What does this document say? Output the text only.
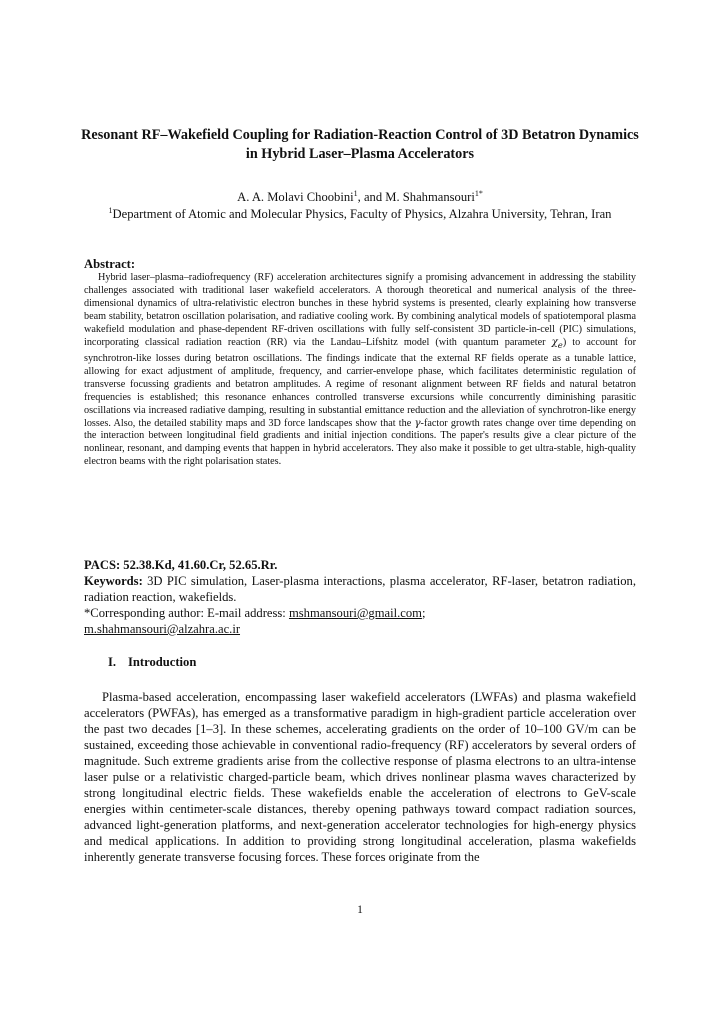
Resonant RF–Wakefield Coupling for Radiation-Reaction Control of 3D Betatron Dynamics in Hybrid Laser–Plasma Accelerators
A. A. Molavi Choobini$^1$, and M. Shahmansouri$^{1*}$
$^1$Department of Atomic and Molecular Physics, Faculty of Physics, Alzahra University, Tehran, Iran
Abstract:
Hybrid laser–plasma–radiofrequency (RF) acceleration architectures signify a promising advancement in addressing the stability challenges associated with traditional laser wakefield accelerators. A thorough theoretical and numerical analysis of the three-dimensional dynamics of ultra-relativistic electron bunches in these hybrid systems is presented, clearly explaining how transverse beam stability, betatron oscillation polarisation, and radiative cooling work. By combining analytical models of spatiotemporal plasma wakefield modulation and phase-dependent RF-driven oscillations with fully self-consistent 3D particle-in-cell (PIC) simulations, incorporating classical radiation reaction (RR) via the Landau–Lifshitz model (with quantum parameter $\chi_e$) to account for synchrotron-like losses during betatron oscillations. The findings indicate that the external RF fields operate as a tunable lattice, allowing for exact adjustment of amplitude, frequency, and carrier-envelope phase, which facilitates deterministic regulation of transverse focussing gradients and betatron amplitudes. A regime of resonant alignment between RF fields and natural betatron frequencies is established; this resonance enhances controlled transverse excursions while concurrently diminishing parasitic oscillations via increased radiative damping, resulting in substantial emittance reduction and the alleviation of synchrotron-like energy losses. Also, the detailed stability maps and 3D force landscapes show that the γ-factor growth rates change over time depending on the interaction between longitudinal field gradients and initial injection conditions. The paper's results give a clear picture of the nonlinear, resonant, and damping events that happen in hybrid accelerators. They also make it possible to get ultra-stable, high-quality electron beams with the right polarisation states.
PACS: 52.38.Kd, 41.60.Cr, 52.65.Rr.
Keywords: 3D PIC simulation, Laser-plasma interactions, plasma accelerator, RF-laser, betatron radiation, radiation reaction, wakefields.
*Corresponding author: E-mail address: mshmansouri@gmail.com;
m.shahmansouri@alzahra.ac.ir
I. Introduction
Plasma-based acceleration, encompassing laser wakefield accelerators (LWFAs) and plasma wakefield accelerators (PWFAs), has emerged as a transformative paradigm in high-gradient particle acceleration over the past two decades [1–3]. In these schemes, accelerating gradients on the order of 10–100 GV/m can be sustained, exceeding those achievable in conventional radio-frequency (RF) accelerators by several orders of magnitude. Such extreme gradients arise from the collective response of plasma electrons to an ultra-intense laser pulse or a relativistic charged-particle beam, which drives nonlinear plasma waves characterized by strong longitudinal electric fields. These wakefields enable the acceleration of electrons to GeV-scale energies within centimeter-scale distances, thereby opening pathways toward compact radiation sources, advanced light-generation platforms, and next-generation accelerator technologies for high-energy physics and medical applications. In addition to providing strong longitudinal acceleration, plasma wakefields inherently generate transverse focusing forces. These forces originate from the
1
